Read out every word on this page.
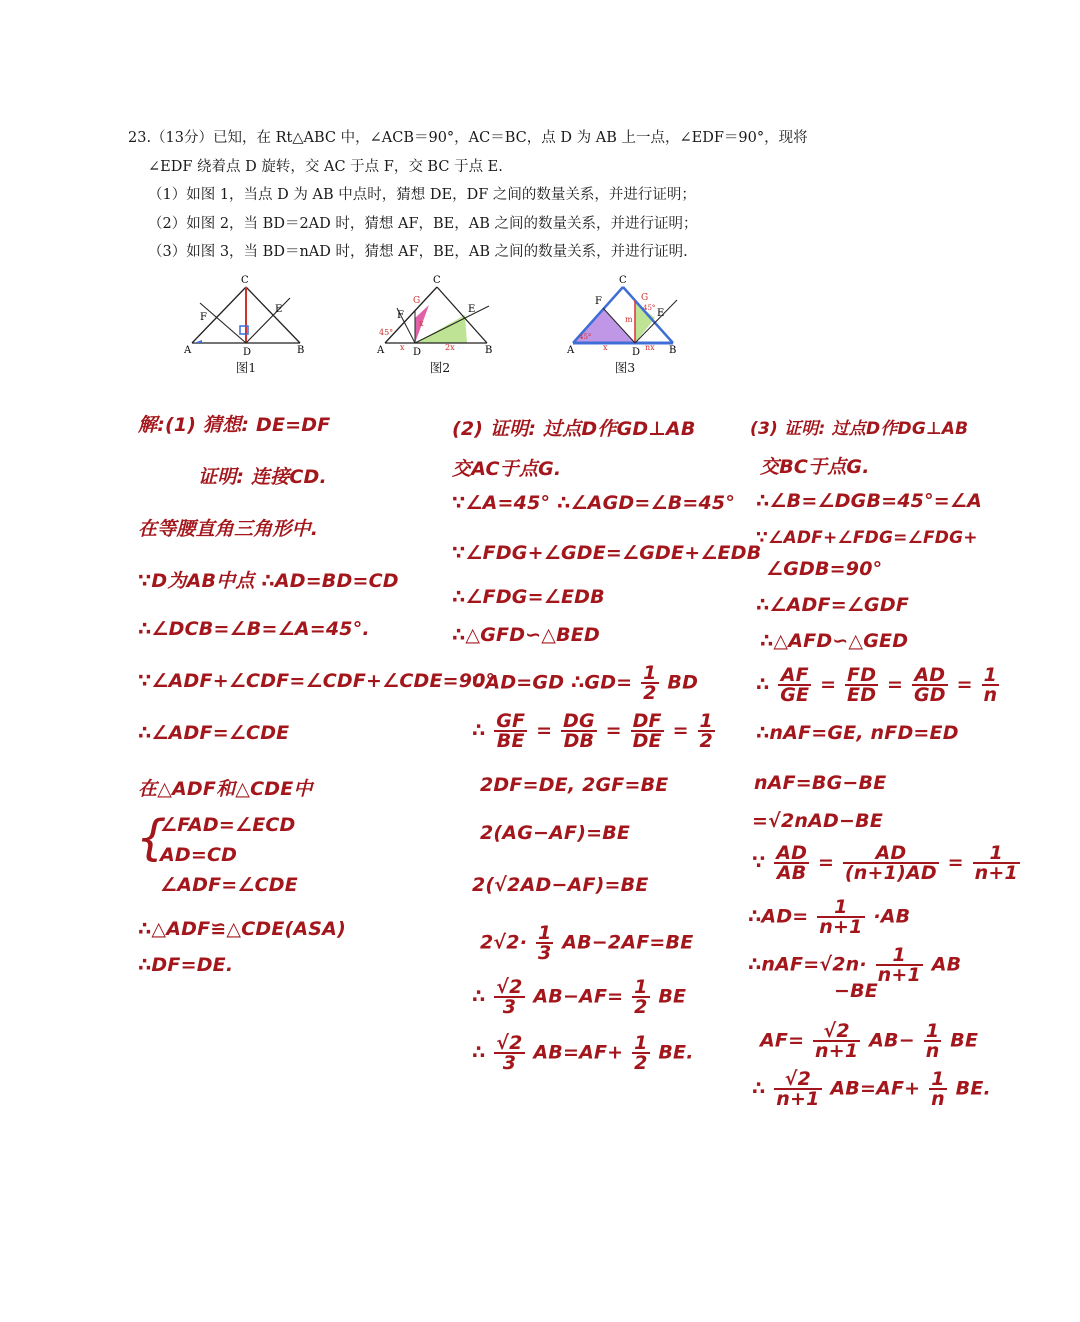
23.（13分）已知，在 Rt△ABC 中，∠ACB＝90°，AC＝BC，点 D 为 AB 上一点，∠EDF＝90°，现将

∠EDF 绕着点 D 旋转，交 AC 于点 F，交 BC 于点 E.

（1）如图 1，当点 D 为 AB 中点时，猜想 DE，DF 之间的数量关系，并进行证明；

（2）如图 2，当 BD＝2AD 时，猜想 AF，BE，AB 之间的数量关系，并进行证明；

（3）如图 3，当 BD＝nAD 时，猜想 AF，BE，AB 之间的数量关系，并进行证明.

A	B
C
D
E
F
图1
A	B
C
D
E
F
G
45°
x
x
2x
图2
A	B
C
D
E
F	G
45°
45°
x	nx
m
图3
解:(1) 猜想: DE=DF
证明: 连接CD.
在等腰直角三角形中.
∵D为AB中点 ∴AD=BD=CD
∴∠DCB=∠B=∠A=45°.
∵∠ADF+∠CDF=∠CDF+∠CDE=90°
∴∠ADF=∠CDE
在△ADF和△CDE中
{
∠FAD=∠ECD
AD=CD
∠ADF=∠CDE
∴△ADF≌△CDE(ASA)
∴DF=DE.
(2) 证明: 过点D作GD⊥AB
交AC于点G.
∵∠A=45° ∴∠AGD=∠B=45°
∵∠FDG+∠GDE=∠GDE+∠EDB
∴∠FDG=∠EDB
∴△GFD∽△BED
∵AD=GD ∴GD= $\frac{1}{2}$ BD
∴ $\frac{GF}{BE} = \frac{DG}{DB} = \frac{DF}{DE} = \frac{1}{2}$
2DF=DE, 2GF=BE
2(AG−AF)=BE
2(√2AD−AF)=BE
$2√2\cdot \frac{1}{3} AB-2AF=BE$
∴ $\frac{√2}{3} AB-AF= \frac{1}{2}$ BE
∴ $\frac{√2}{3} AB=AF+ \frac{1}{2}$ BE.
(3) 证明: 过点D作DG⊥AB
交BC于点G.
∴∠B=∠DGB=45°=∠A
∵∠ADF+∠FDG=∠FDG+
∠GDB=90°
∴∠ADF=∠GDF
∴△AFD∽△GED
∴ $\frac{AF}{GE} = \frac{FD}{ED} = \frac{AD}{GD} = \frac{1}{n}$
∴nAF=GE, nFD=ED
nAF=BG−BE
=√2nAD−BE
∵ $\frac{AD}{AB} = \frac{AD}{(n+1)AD} = \frac{1}{n+1}$
∴AD= $\frac{1}{n+1} \cdot AB$
∴nAF=√2n· $\frac{1}{n+1}$ AB
−BE
$AF= \frac{√2}{n+1} AB- \frac{1}{n}$ BE
∴ $\frac{√2}{n+1} AB=AF+ \frac{1}{n}$ BE.
